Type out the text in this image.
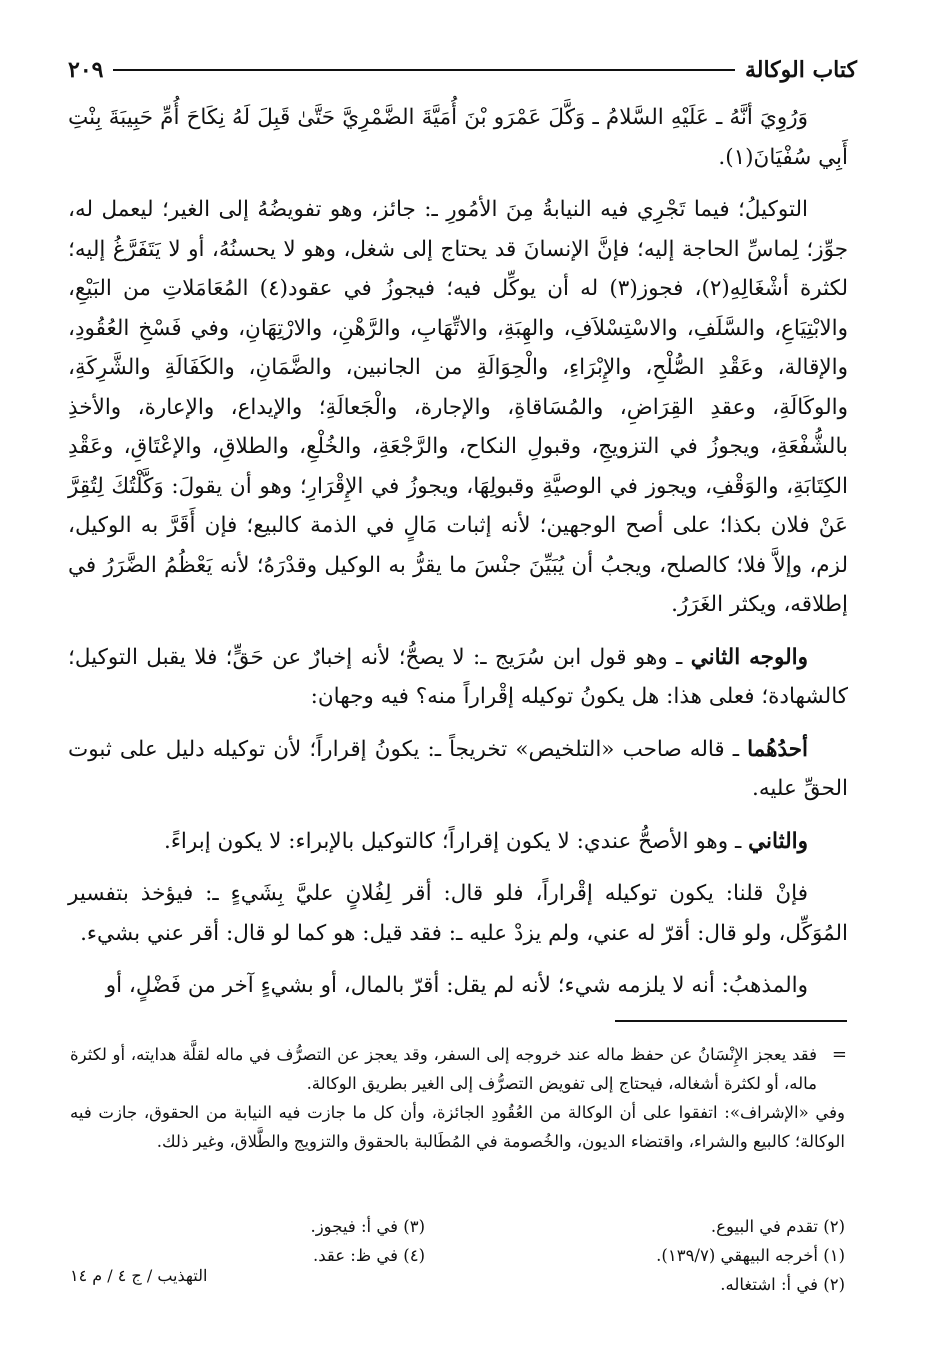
كتاب الوكالة
٢٠٩

وَرُوِيَ أنَّهُ ـ عَلَيْهِ السَّلامُ ـ وَكَّلَ عَمْرَو بْنَ أُمَيَّةَ الضَّمْرِيَّ حَتَّىٰ قَبِلَ لَهُ نِكَاحَ أُمِّ حَبِيبَةَ بِنْتِ أَبِي سُفْيَانَ(١).

التوكيلُ؛ فيما تَجْرِي فيه النيابةُ مِنَ الأمُورِ ـ: جائز، وهو تفويضُهُ إلى الغير؛ ليعمل له، جوِّز؛ لِماسِّ الحاجة إليه؛ فإنَّ الإنسانَ قد يحتاج إلى شغل، وهو لا يحسنُهُ، أو لا يَتَفَرَّغُ إليه؛ لكثرة أشْغَالِهِ(٢)، فجوز(٣) له أن يوكِّل فيه؛ فيجوزُ في عقود(٤) المُعَامَلاتِ من البَيْعِ، والابْتِيَاعِ، والسَّلَفِ، والاسْتِسْلاَفِ، والهِبَةِ، والاتِّهَابِ، والرَّهْنِ، والارْتِهَانِ، وفي فَسْخِ العُقُودِ، والإقالة، وعَقْدِ الصُّلْحِ، والإِبْرَاءِ، والْحِوَالَةِ من الجانبين، والضَّمَانِ، والكَفَالَةِ والشَّرِكَةِ، والوكَالَةِ، وعقدِ القِرَاضِ، والمُسَاقاةِ، والإجارة، والْجَعالَةِ؛ والإيداع، والإعارة، والأخذِ بالشُّفْعَةِ، ويجوزُ في التزويجِ، وقبولِ النكاح، والرَّجْعَةِ، والخُلْعِ، والطلاقِ، والإعْتَاقِ، وعَقْدِ الكِتَابَةِ، والوَقْفِ، ويجوز في الوصيَّةِ وقبولِهَا، ويجوزُ في الإِقْرَارِ؛ وهو أن يقولَ: وَكَّلْتُكَ لِتُقِرَّ عَنْ فلان بكذا؛ على أصح الوجهين؛ لأنه إثبات مَالٍ في الذمة كالبيع؛ فإن أَقَرَّ به الوكيل، لزم، وإلاَّ فلا؛ كالصلح، ويجبُ أن يُبَيِّنَ جنْسَ ما يقرُّ به الوكيل وقدْرَهُ؛ لأنه يَعْظُمُ الضَّرَرُ في إطلاقه، ويكثر الغَرَرُ.

والوجه الثاني ـ وهو قول ابن سُرَيج ـ: لا يصحُّ؛ لأنه إخبارٌ عن حَقٍّ؛ فلا يقبل التوكيل؛ كالشهادة؛ فعلى هذا: هل يكونُ توكيله إقْراراً منه؟ فيه وجهان:

أحدُهُما ـ قاله صاحب «التلخيص» تخريجاً ـ: يكونُ إقراراً؛ لأن توكيله دليل على ثبوت الحقِّ عليه.

والثاني ـ وهو الأصحُّ عندي: لا يكون إقراراً؛ كالتوكيل بالإبراء: لا يكون إبراءً.

فإنْ قلنا: يكون توكيله إقْراراً، فلو قال: أقر لِفُلانٍ عليَّ بِشَيءٍ ـ: فيؤخذ بتفسير المُوَكِّل، ولو قال: أقرّ له عني، ولم يزدْ عليه ـ: فقد قيل: هو كما لو قال: أقر عني بشيء.

والمذهبُ: أنه لا يلزمه شيء؛ لأنه لم يقل: أقرّ بالمال، أو بشيءٍ آخر من فَضْلٍ، أو

=
فقد يعجز الإِنْسَانُ عن حفظ ماله عند خروجه إلى السفر، وقد يعجز عن التصرُّف في ماله لقلَّة هدايته، أو لكثرة ماله، أو لكثرة أشغاله، فيحتاج إلى تفويض التصرُّف إلى الغير بطريق الوكالة.

وفي «الإشراف»: اتفقوا على أن الوكالة من العُقُودِ الجائزة، وأن كل ما جازت فيه النيابة من الحقوق، جازت فيه الوكالة؛ كالبيع والشراء، واقتضاء الديون، والخُصومة في المُطَالبة بالحقوق والتزويج والطَّلاق، وغير ذلك.

(٢) تقدم في البيوع.
(١) أخرجه البيهقي (١٣٩/٧).
(٢) في أ: اشتغاله.
(٣) في أ: فيجوز.
(٤) في ظ: عقد.
التهذيب / ج ٤ / م ١٤
